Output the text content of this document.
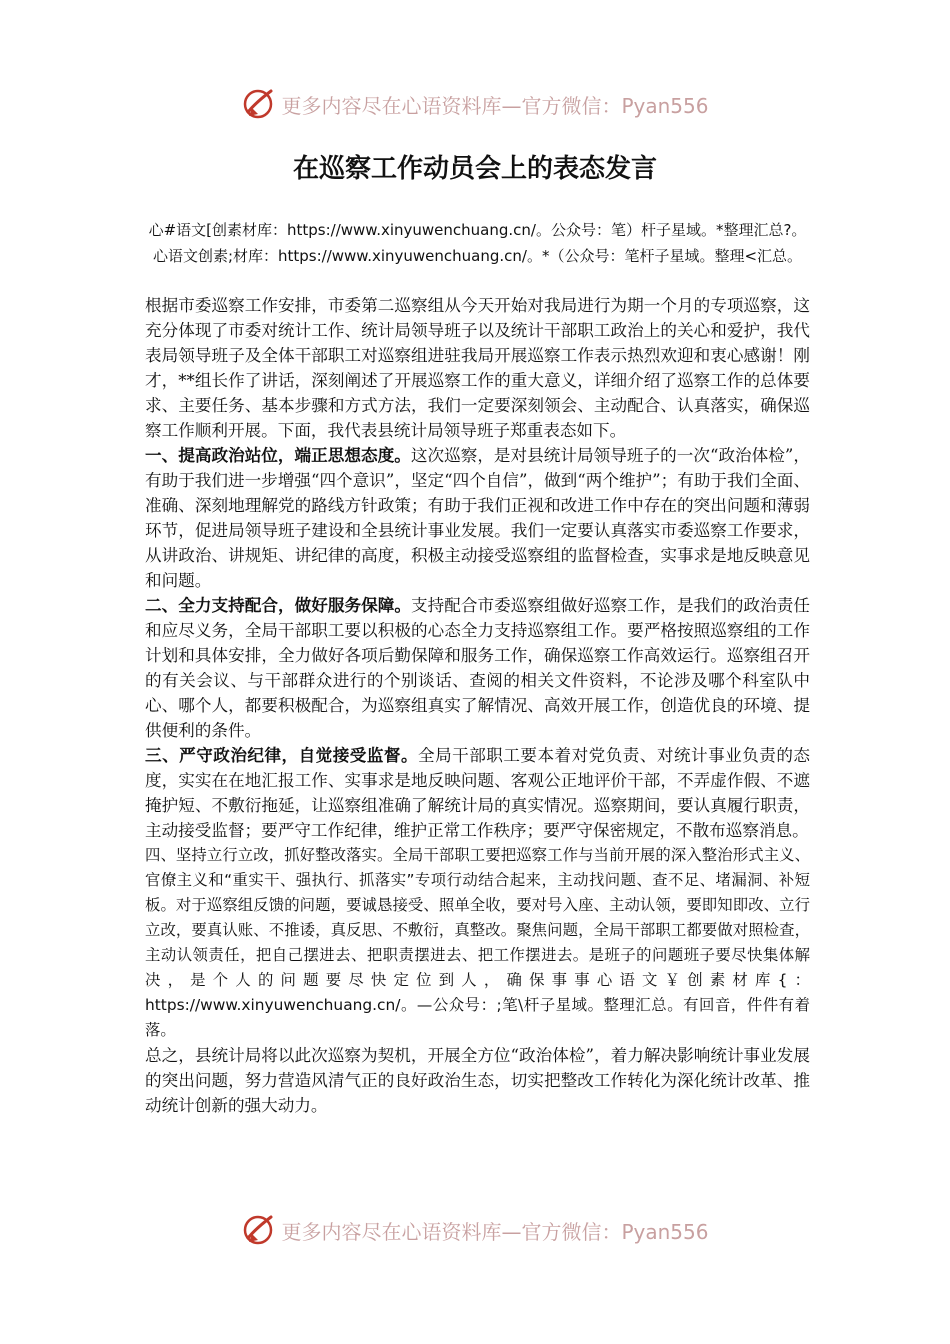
更多内容尽在心语资料库—官方微信：Pyan556
在巡察工作动员会上的表态发言
心#语文[创素材库：https://www.xinyuwenchuang.cn/。公众号：笔）杆子星域。*整理汇总?。心语文创素;材库：https://www.xinyuwenchuang.cn/。*（公众号：笔杆子星域。整理<汇总。

根据市委巡察工作安排，市委第二巡察组从今天开始对我局进行为期一个月的专项巡察，这充分体现了市委对统计工作、统计局领导班子以及统计干部职工政治上的关心和爱护，我代表局领导班子及全体干部职工对巡察组进驻我局开展巡察工作表示热烈欢迎和衷心感谢！刚才，**组长作了讲话，深刻阐述了开展巡察工作的重大意义，详细介绍了巡察工作的总体要求、主要任务、基本步骤和方式方法，我们一定要深刻领会、主动配合、认真落实，确保巡察工作顺利开展。下面，我代表县统计局领导班子郑重表态如下。

一、提高政治站位，端正思想态度。这次巡察，是对县统计局领导班子的一次“政治体检”，有助于我们进一步增强“四个意识”，坚定“四个自信”，做到“两个维护”；有助于我们全面、准确、深刻地理解党的路线方针政策；有助于我们正视和改进工作中存在的突出问题和薄弱环节，促进局领导班子建设和全县统计事业发展。我们一定要认真落实市委巡察工作要求，从讲政治、讲规矩、讲纪律的高度，积极主动接受巡察组的监督检查，实事求是地反映意见和问题。

二、全力支持配合，做好服务保障。支持配合市委巡察组做好巡察工作，是我们的政治责任和应尽义务，全局干部职工要以积极的心态全力支持巡察组工作。要严格按照巡察组的工作计划和具体安排，全力做好各项后勤保障和服务工作，确保巡察工作高效运行。巡察组召开的有关会议、与干部群众进行的个别谈话、查阅的相关文件资料，不论涉及哪个科室队中心、哪个人，都要积极配合，为巡察组真实了解情况、高效开展工作，创造优良的环境、提供便利的条件。

三、严守政治纪律，自觉接受监督。全局干部职工要本着对党负责、对统计事业负责的态度，实实在在地汇报工作、实事求是地反映问题、客观公正地评价干部，不弄虚作假、不遮掩护短、不敷衍拖延，让巡察组准确了解统计局的真实情况。巡察期间，要认真履行职责，主动接受监督；要严守工作纪律，维护正常工作秩序；要严守保密规定，不散布巡察消息。

四、坚持立行立改，抓好整改落实。全局干部职工要把巡察工作与当前开展的深入整治形式主义、官僚主义和“重实干、强执行、抓落实”专项行动结合起来，主动找问题、查不足、堵漏洞、补短板。对于巡察组反馈的问题，要诚恳接受、照单全收，要对号入座、主动认领，要即知即改、立行立改，要真认账、不推诿，真反思、不敷衍，真整改。聚焦问题，全局干部职工都要做对照检查，主动认领责任，把自己摆进去、把职责摆进去、把工作摆进去。是班子的问题班子要尽快集体解决，是个人的问题要尽快定位到人，确保事事心语文￥创素材库{：https://www.xinyuwenchuang.cn/。—公众号：;笔\杆子星域。整理汇总。有回音，件件有着落。

总之，县统计局将以此次巡察为契机，开展全方位“政治体检”，着力解决影响统计事业发展的突出问题，努力营造风清气正的良好政治生态，切实把整改工作转化为深化统计改革、推动统计创新的强大动力。

更多内容尽在心语资料库—官方微信：Pyan556
